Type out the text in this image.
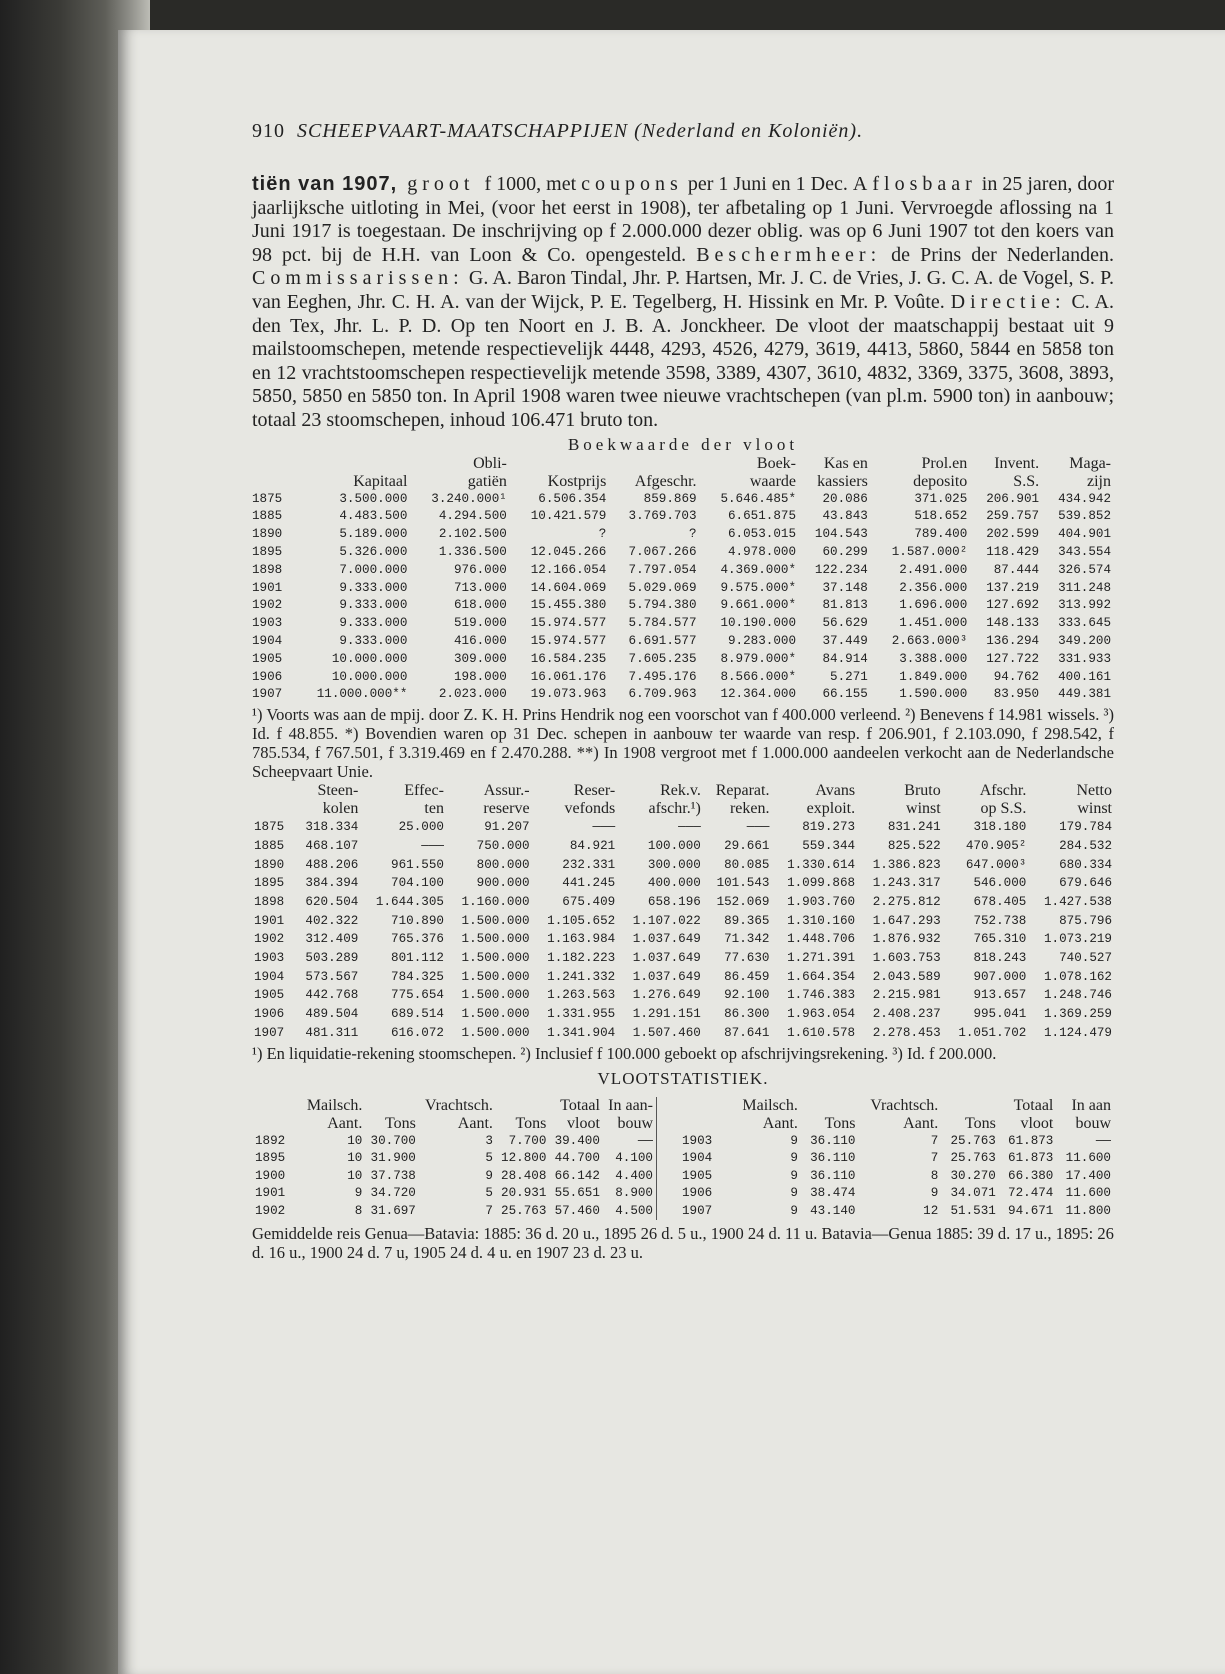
910 SCHEEPVAART-MAATSCHAPPIJEN (Nederland en Koloniën).

tiën van 1907, groot f 1000, met coupons per 1 Juni en 1 Dec. Aflosbaar in 25 jaren, door jaarlijksche uitloting in Mei, (voor het eerst in 1908), ter afbetaling op 1 Juni. Vervroegde aflossing na 1 Juni 1917 is toegestaan. De inschrijving op f 2.000.000 dezer oblig. was op 6 Juni 1907 tot den koers van 98 pct. bij de H.H. van Loon & Co. opengesteld. Beschermheer: de Prins der Nederlanden. Commissarissen: G. A. Baron Tindal, Jhr. P. Hartsen, Mr. J. C. de Vries, J. G. C. A. de Vogel, S. P. van Eeghen, Jhr. C. H. A. van der Wijck, P. E. Tegelberg, H. Hissink en Mr. P. Voûte. Directie: C. A. den Tex, Jhr. L. P. D. Op ten Noort en J. B. A. Jonckheer. De vloot der maatschappij bestaat uit 9 mailstoomschepen, metende respectievelijk 4448, 4293, 4526, 4279, 3619, 4413, 5860, 5844 en 5858 ton en 12 vrachtstoomschepen respectievelijk metende 3598, 3389, 4307, 3610, 4832, 3369, 3375, 3608, 3893, 5850, 5850 en 5850 ton. In April 1908 waren twee nieuwe vrachtschepen (van pl.m. 5900 ton) in aanbouw; totaal 23 stoomschepen, inhoud 106.471 bruto ton.

Boekwaarde der vloot
		Obli-			Boek-	Kas en	Prol.en	Invent.	Maga-
	Kapitaal	gatiën	Kostprijs	Afgeschr.	waarde	kassiers	deposito	S.S.	zijn
1875	3.500.000	3.240.000¹	6.506.354	859.869	5.646.485*	20.086	371.025	206.901	434.942
1885	4.483.500	4.294.500	10.421.579	3.769.703	6.651.875	43.843	518.652	259.757	539.852
1890	5.189.000	2.102.500	?	?	6.053.015	104.543	789.400	202.599	404.901
1895	5.326.000	1.336.500	12.045.266	7.067.266	4.978.000	60.299	1.587.000²	118.429	343.554
1898	7.000.000	976.000	12.166.054	7.797.054	4.369.000*	122.234	2.491.000	87.444	326.574
1901	9.333.000	713.000	14.604.069	5.029.069	9.575.000*	37.148	2.356.000	137.219	311.248
1902	9.333.000	618.000	15.455.380	5.794.380	9.661.000*	81.813	1.696.000	127.692	313.992
1903	9.333.000	519.000	15.974.577	5.784.577	10.190.000	56.629	1.451.000	148.133	333.645
1904	9.333.000	416.000	15.974.577	6.691.577	9.283.000	37.449	2.663.000³	136.294	349.200
1905	10.000.000	309.000	16.584.235	7.605.235	8.979.000*	84.914	3.388.000	127.722	331.933
1906	10.000.000	198.000	16.061.176	7.495.176	8.566.000*	5.271	1.849.000	94.762	400.161
1907	11.000.000**	2.023.000	19.073.963	6.709.963	12.364.000	66.155	1.590.000	83.950	449.381

¹) Voorts was aan de mpij. door Z. K. H. Prins Hendrik nog een voorschot van f 400.000 verleend. ²) Benevens f 14.981 wissels. ³) Id. f 48.855. *) Bovendien waren op 31 Dec. schepen in aanbouw ter waarde van resp. f 206.901, f 2.103.090, f 298.542, f 785.534, f 767.501, f 3.319.469 en f 2.470.288. **) In 1908 vergroot met f 1.000.000 aandeelen verkocht aan de Nederlandsche Scheepvaart Unie.

	Steen-	Effec-	Assur.-	Reser-	Rek.v.	Reparat.	Avans	Bruto	Afschr.	Netto
	kolen	ten	reserve	vefonds	afschr.¹)	reken.	exploit.	winst	op S.S.	winst
1875	318.334	25.000	91.207	———	———	———	819.273	831.241	318.180	179.784
1885	468.107	———	750.000	84.921	100.000	29.661	559.344	825.522	470.905²	284.532
1890	488.206	961.550	800.000	232.331	300.000	80.085	1.330.614	1.386.823	647.000³	680.334
1895	384.394	704.100	900.000	441.245	400.000	101.543	1.099.868	1.243.317	546.000	679.646
1898	620.504	1.644.305	1.160.000	675.409	658.196	152.069	1.903.760	2.275.812	678.405	1.427.538
1901	402.322	710.890	1.500.000	1.105.652	1.107.022	89.365	1.310.160	1.647.293	752.738	875.796
1902	312.409	765.376	1.500.000	1.163.984	1.037.649	71.342	1.448.706	1.876.932	765.310	1.073.219
1903	503.289	801.112	1.500.000	1.182.223	1.037.649	77.630	1.271.391	1.603.753	818.243	740.527
1904	573.567	784.325	1.500.000	1.241.332	1.037.649	86.459	1.664.354	2.043.589	907.000	1.078.162
1905	442.768	775.654	1.500.000	1.263.563	1.276.649	92.100	1.746.383	2.215.981	913.657	1.248.746
1906	489.504	689.514	1.500.000	1.331.955	1.291.151	86.300	1.963.054	2.408.237	995.041	1.369.259
1907	481.311	616.072	1.500.000	1.341.904	1.507.460	87.641	1.610.578	2.278.453	1.051.702	1.124.479

¹) En liquidatie-rekening stoomschepen. ²) Inclusief f 100.000 geboekt op afschrijvingsrekening. ³) Id. f 200.000.

VLOOTSTATISTIEK.
	Mailsch.		Vrachtsch.		Totaal	In aan-
	Aant.	Tons	Aant.	Tons	vloot	bouw
1892	10	30.700	3	7.700	39.400	——
1895	10	31.900	5	12.800	44.700	4.100
1900	10	37.738	9	28.408	66.142	4.400
1901	9	34.720	5	20.931	55.651	8.900
1902	8	31.697	7	25.763	57.460	4.500
	Mailsch.		Vrachtsch.		Totaal	In aan
	Aant.	Tons	Aant.	Tons	vloot	bouw
1903	9	36.110	7	25.763	61.873	——
1904	9	36.110	7	25.763	61.873	11.600
1905	9	36.110	8	30.270	66.380	17.400
1906	9	38.474	9	34.071	72.474	11.600
1907	9	43.140	12	51.531	94.671	11.800

Gemiddelde reis Genua—Batavia: 1885: 36 d. 20 u., 1895 26 d. 5 u., 1900 24 d. 11 u. Batavia—Genua 1885: 39 d. 17 u., 1895: 26 d. 16 u., 1900 24 d. 7 u, 1905 24 d. 4 u. en 1907 23 d. 23 u.
